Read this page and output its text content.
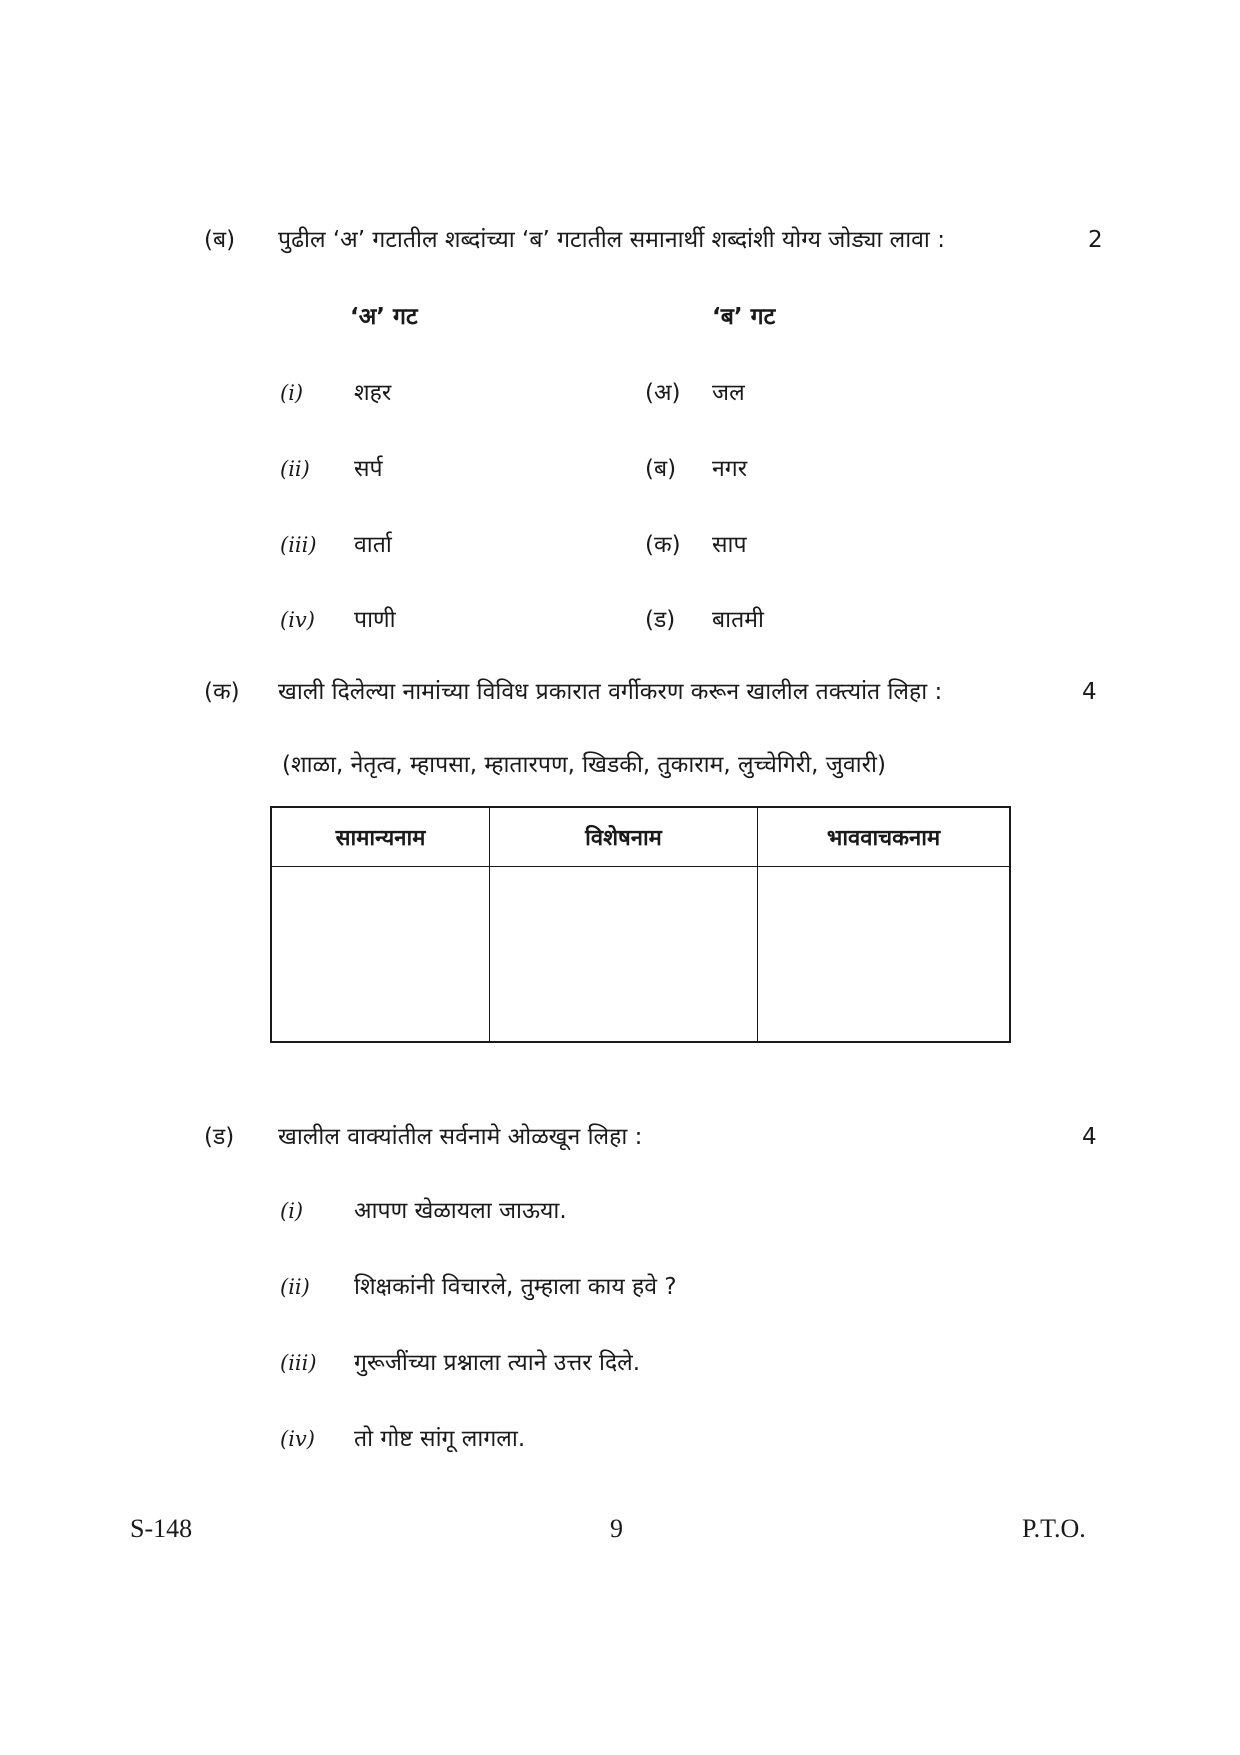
(ब) पुढील ‘अ’ गटातील शब्दांच्या ‘ब’ गटातील समानार्थी शब्दांशी योग्य जोड्या लावा :	2
‘अ’ गट	‘ब’ गट
(i) शहर	(अ) जल
(ii) सर्प	(ब) नगर
(iii) वार्ता	(क) साप
(iv) पाणी	(ड) बातमी
(क) खाली दिलेल्या नामांच्या विविध प्रकारात वर्गीकरण करून खालील तक्त्यांत लिहा :	4
(शाळा, नेतृत्व, म्हापसा, म्हातारपण, खिडकी, तुकाराम, लुच्चेगिरी, जुवारी)
सामान्यनाम	विशेषनाम	भाववाचकनाम

(ड) खालील वाक्यांतील सर्वनामे ओळखून लिहा :	4
(i) आपण खेळायला जाऊया.
(ii) शिक्षकांनी विचारले, तुम्हाला काय हवे ?
(iii) गुरूजींच्या प्रश्नाला त्याने उत्तर दिले.
(iv) तो गोष्ट सांगू लागला.
S-148	9	P.T.O.
